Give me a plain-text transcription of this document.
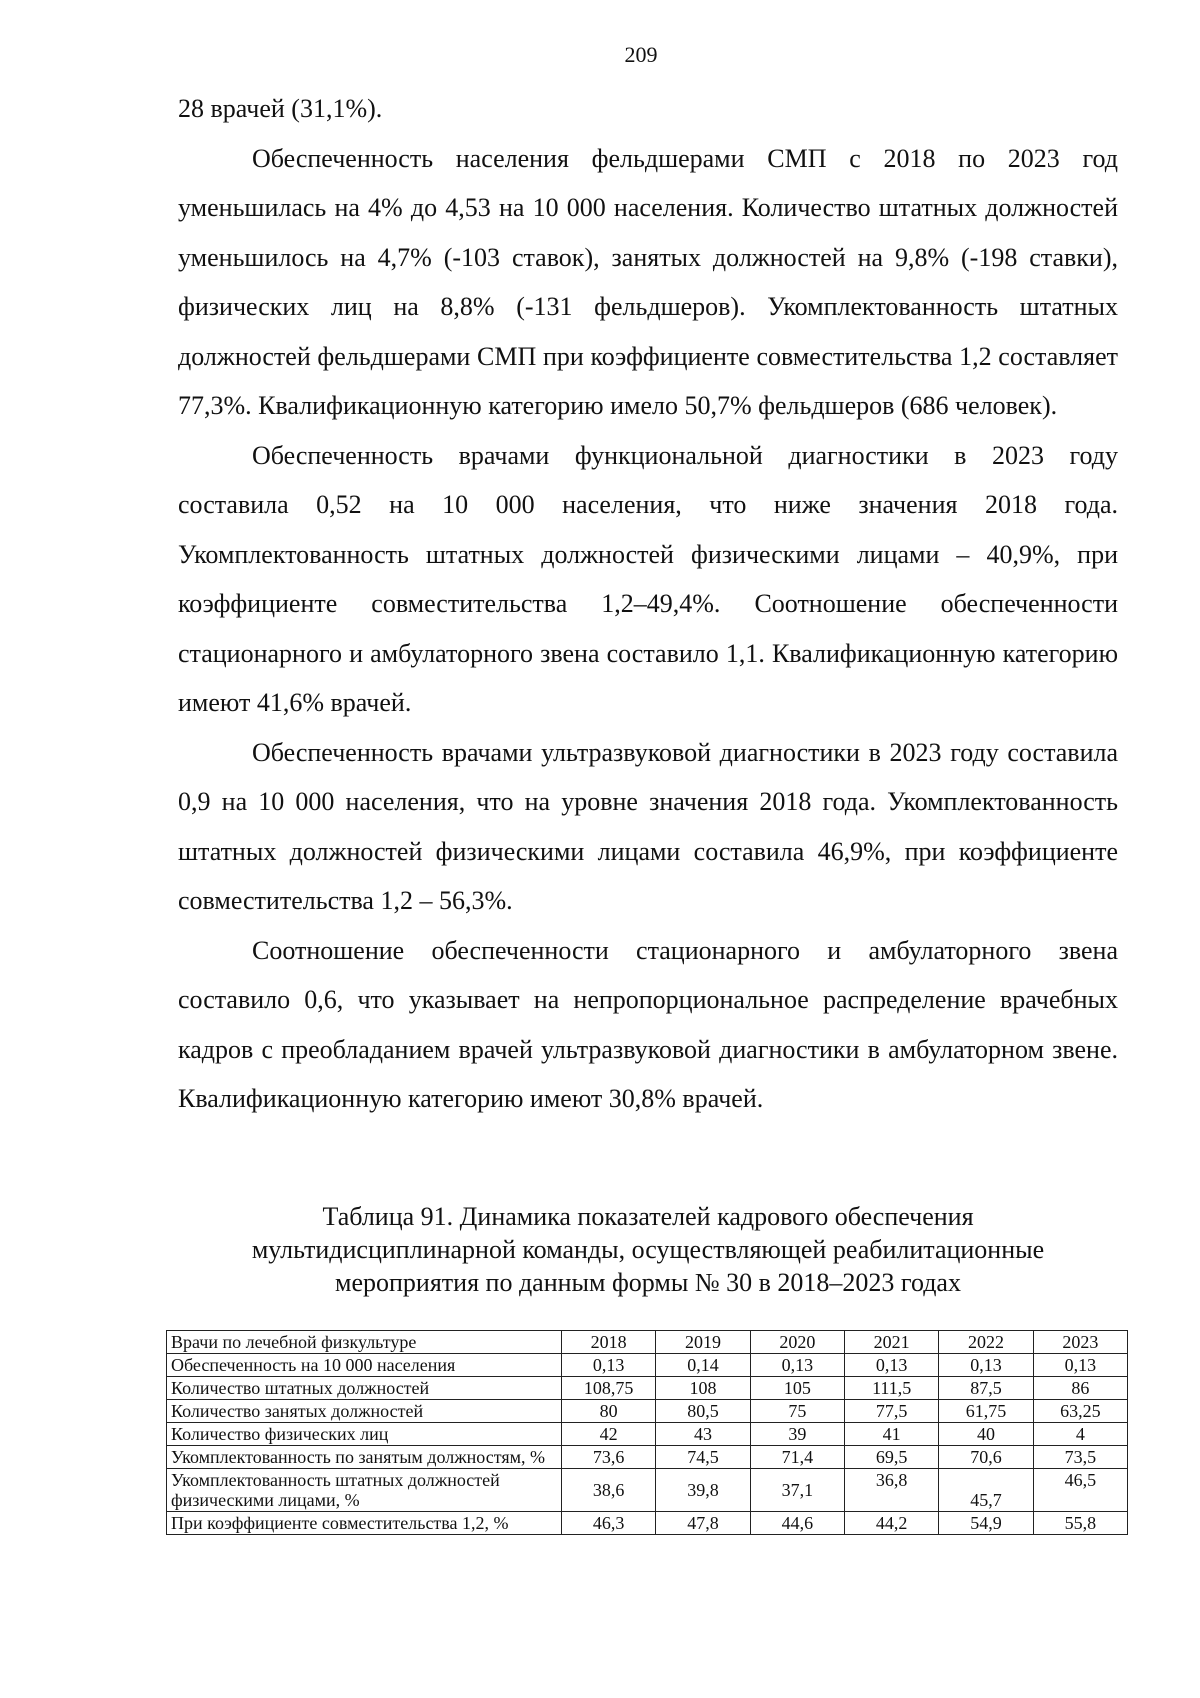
209

28 врачей (31,1%).

Обеспеченность населения фельдшерами СМП с 2018 по 2023 год уменьшилась на 4% до 4,53 на 10 000 населения. Количество штатных должностей уменьшилось на 4,7% (-103 ставок), занятых должностей на 9,8% (-198 ставки), физических лиц на 8,8% (-131 фельдшеров). Укомплектованность штатных должностей фельдшерами СМП при коэффициенте совместительства 1,2 составляет 77,3%. Квалификационную категорию имело 50,7% фельдшеров (686 человек).

Обеспеченность врачами функциональной диагностики в 2023 году составила 0,52 на 10 000 населения, что ниже значения 2018 года. Укомплектованность штатных должностей физическими лицами – 40,9%, при коэффициенте совместительства 1,2–49,4%. Соотношение обеспеченности стационарного и амбулаторного звена составило 1,1. Квалификационную категорию имеют 41,6% врачей.

Обеспеченность врачами ультразвуковой диагностики в 2023 году составила 0,9 на 10 000 населения, что на уровне значения 2018 года. Укомплектованность штатных должностей физическими лицами составила 46,9%, при коэффициенте совместительства 1,2 – 56,3%.

Соотношение обеспеченности стационарного и амбулаторного звена составило 0,6, что указывает на непропорциональное распределение врачебных кадров с преобладанием врачей ультразвуковой диагностики в амбулаторном звене. Квалификационную категорию имеют 30,8% врачей.

Таблица 91. Динамика показателей кадрового обеспечения
мультидисциплинарной команды, осуществляющей реабилитационные
мероприятия по данным формы № 30 в 2018–2023 годах
Врачи по лечебной физкультуре	2018	2019	2020	2021	2022	2023
Обеспеченность на 10 000 населения	0,13	0,14	0,13	0,13	0,13	0,13
Количество штатных должностей	108,75	108	105	111,5	87,5	86
Количество занятых должностей	80	80,5	75	77,5	61,75	63,25
Количество физических лиц	42	43	39	41	40	4
Укомплектованность по занятым должностям, %	73,6	74,5	71,4	69,5	70,6	73,5
Укомплектованность штатных должностей физическими лицами, %	38,6	39,8	37,1	36,8	45,7	46,5
При коэффициенте совместительства 1,2, %	46,3	47,8	44,6	44,2	54,9	55,8
